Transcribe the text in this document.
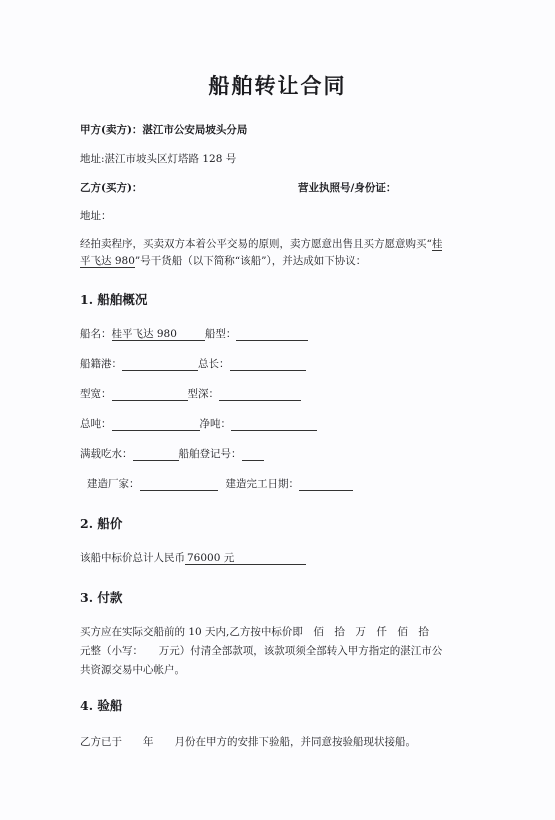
船舶转让合同
甲方(卖方)：湛江市公安局坡头分局
地址:湛江市坡头区灯塔路 128 号
乙方(买方)：	营业执照号/身份证：
地址：
经拍卖程序，买卖双方本着公平交易的原则，卖方愿意出售且买方愿意购买“桂
平飞达 980”号干货船（以下简称“该船”），并达成如下协议：
1. 船舶概况
船名：桂平飞达 980	船型：
船籍港：	总长：
型宽：	型深：
总吨：	净吨：
满载吃水：	船舶登记号：
建造厂家：	建造完工日期：
2. 船价
该船中标价总计人民币 76000 元
3. 付款
买方应在实际交船前的 10 天内,乙方按中标价即　佰　拾　万　仟　佰　拾
元整（小写：　　万元）付清全部款项，该款项须全部转入甲方指定的湛江市公
共资源交易中心帐户。
4. 验船
乙方已于　　年　　月份在甲方的安排下验船，并同意按验船现状接船。
